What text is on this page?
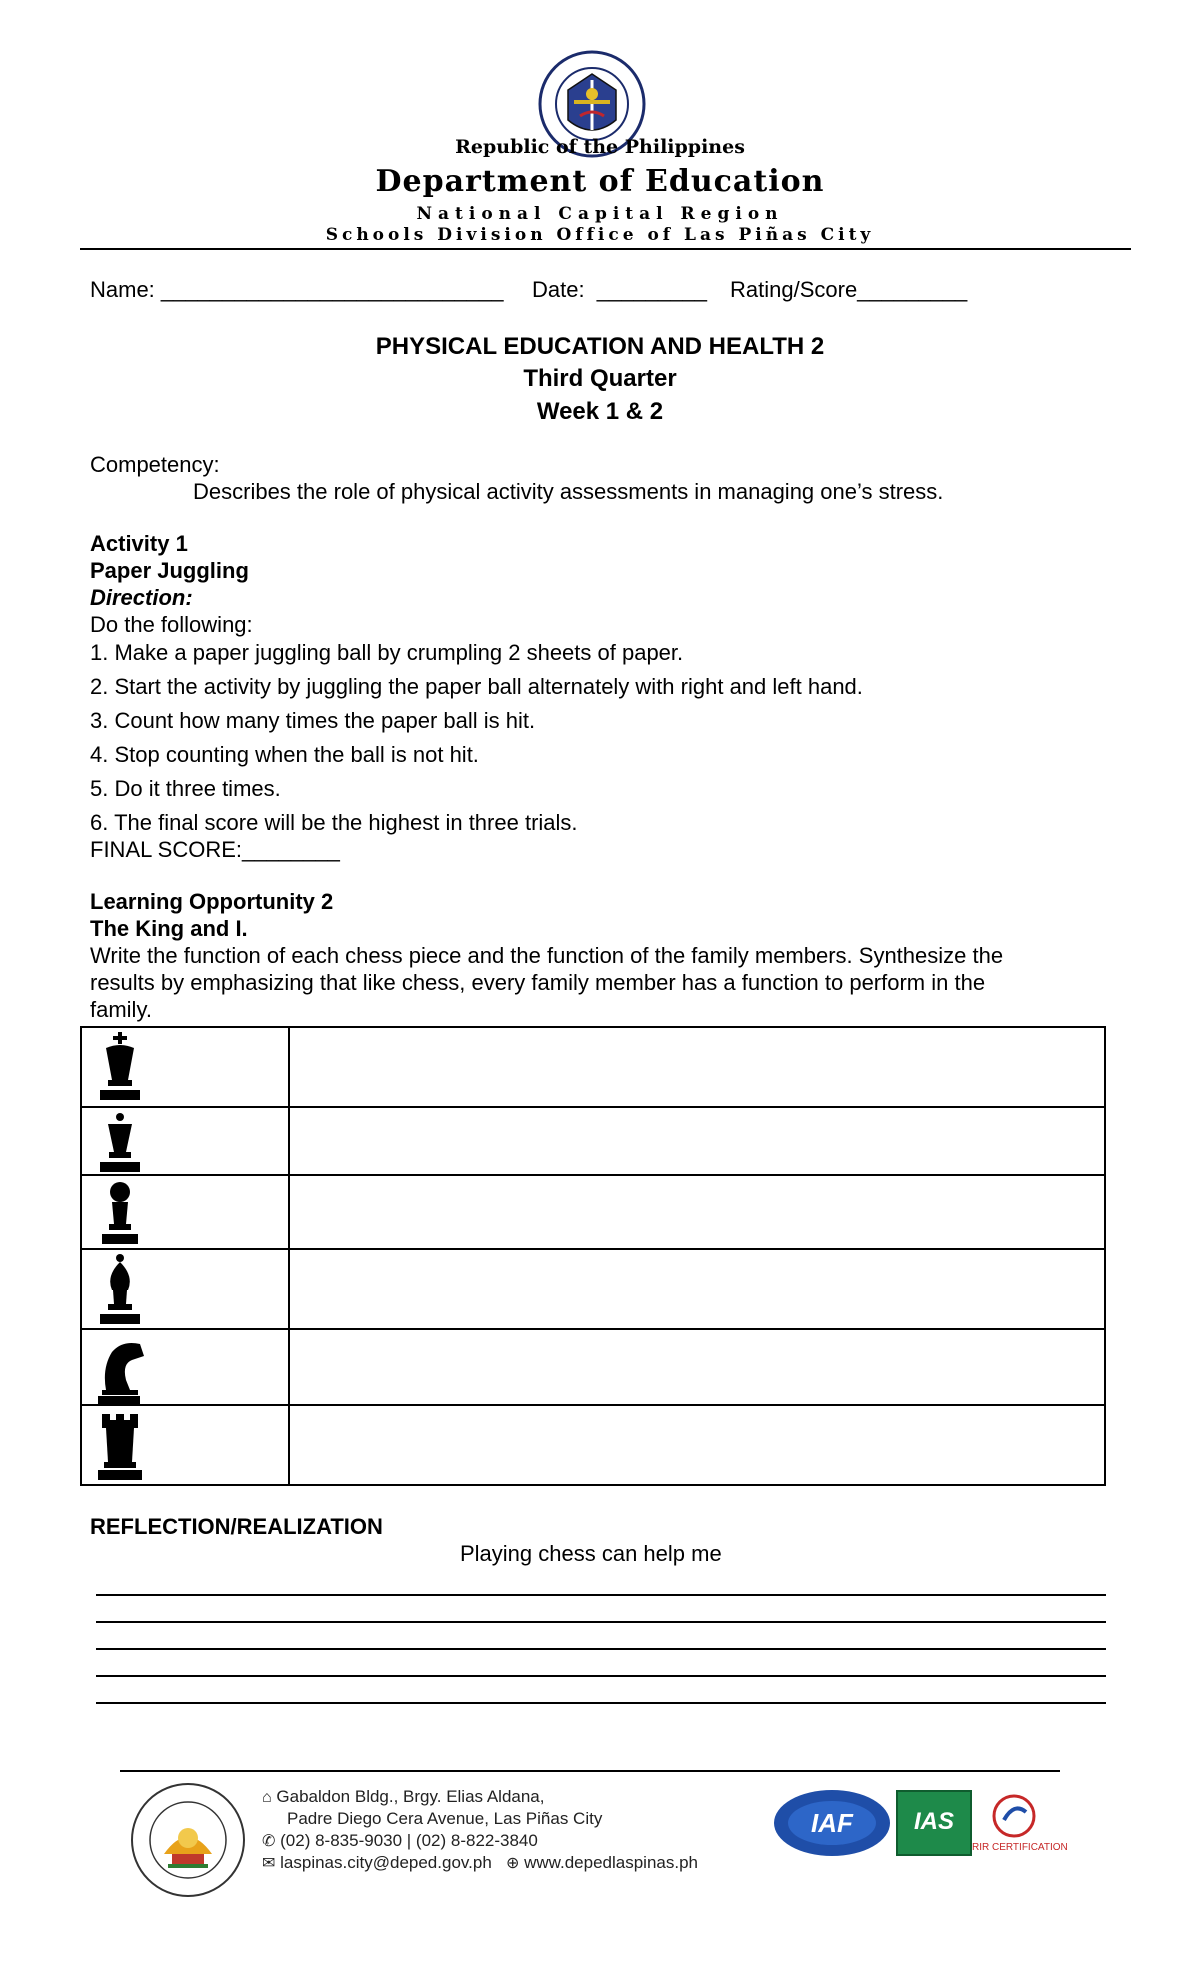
Republic of the Philippines
Department of Education
National Capital Region
Schools Division Office of Las Piñas City
Name: ____________________________ Date:  _________ Rating/Score_________
PHYSICAL EDUCATION AND HEALTH 2
Third Quarter
Week 1 & 2
Competency:
Describes the role of physical activity assessments in managing one’s stress.
Activity 1
Paper Juggling
Direction:
Do the following:
1. Make a paper juggling ball by crumpling 2 sheets of paper.
2. Start the activity by juggling the paper ball alternately with right and left hand.
3. Count how many times the paper ball is hit.
4. Stop counting when the ball is not hit.
5. Do it three times.
6. The final score will be the highest in three trials.
FINAL SCORE:________
Learning Opportunity 2
The King and I.
Write the function of each chess piece and the function of the family members. Synthesize the
results by emphasizing that like chess, every family member has a function to perform in the
family.
REFLECTION/REALIZATION
Playing chess can help me
⌂ Gabaldon Bldg., Brgy. Elias Aldana,
Padre Diego Cera Avenue, Las Piñas City
✆ (02) 8-835-9030 | (02) 8-822-3840
✉ laspinas.city@deped.gov.ph ⊕ www.depedlaspinas.ph
IAF	IAS
RIR CERTIFICATION
